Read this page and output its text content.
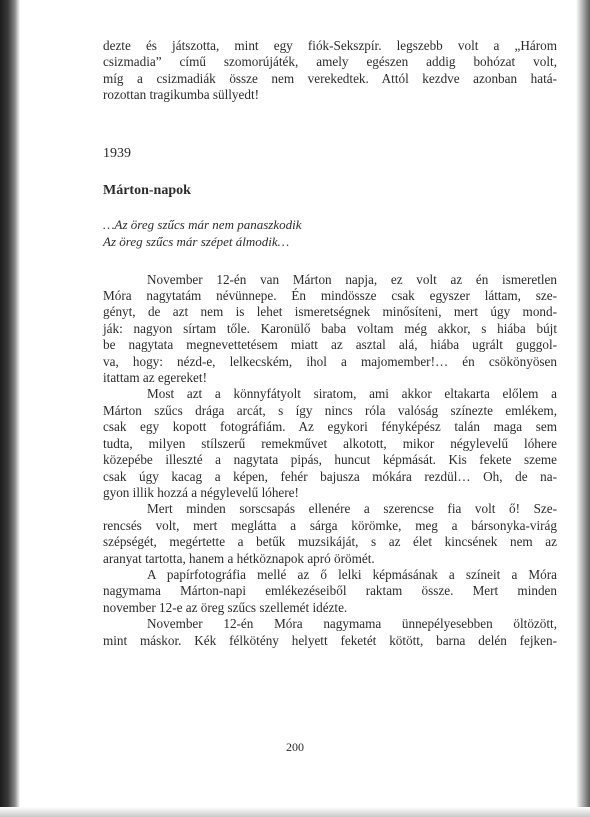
dezte és játszotta, mint egy fiók-Sekszpír. legszebb volt a „Három
csizmadia” című szomorújáték, amely egészen addig bohózat volt,
míg a csizmadiák össze nem verekedtek. Attól kezdve azonban hatá-
rozottan tragikumba süllyedt!
1939
Márton-napok
…Az öreg szűcs már nem panaszkodik
Az öreg szűcs már szépet álmodik…
November 12-én van Márton napja, ez volt az én ismeretlen
Móra nagytatám névünnepe. Én mindössze csak egyszer láttam, sze-
gényt, de azt nem is lehet ismeretségnek minősíteni, mert úgy mond-
ják: nagyon sírtam tőle. Karonülő baba voltam még akkor, s hiába bújt
be nagytata megnevettetésem miatt az asztal alá, hiába ugrált guggol-
va, hogy: nézd-e, lelkecském, ihol a majomember!… én csökönyösen
itattam az egereket!
Most azt a könnyfátyolt siratom, ami akkor eltakarta előlem a
Márton szűcs drága arcát, s így nincs róla valóság színezte emlékem,
csak egy kopott fotográfiám. Az egykori fényképész talán maga sem
tudta, milyen stílszerű remekművet alkotott, mikor négylevelű lóhere
közepébe illeszté a nagytata pipás, huncut képmását. Kis fekete szeme
csak úgy kacag a képen, fehér bajusza mókára rezdül… Oh, de na-
gyon illik hozzá a négylevelű lóhere!
Mert minden sorscsapás ellenére a szerencse fia volt ő! Sze-
rencsés volt, mert meglátta a sárga körömke, meg a bársonyka-virág
szépségét, megértette a betűk muzsikáját, s az élet kincsének nem az
aranyat tartotta, hanem a hétköznapok apró örömét.
A papírfotográfia mellé az ő lelki képmásának a színeit a Móra
nagymama Márton-napi emlékezéseiből raktam össze. Mert minden
november 12-e az öreg szűcs szellemét idézte.
November 12-én Móra nagymama ünnepélyesebben öltözött,
mint máskor. Kék félkötény helyett feketét kötött, barna delén fejken-
200
